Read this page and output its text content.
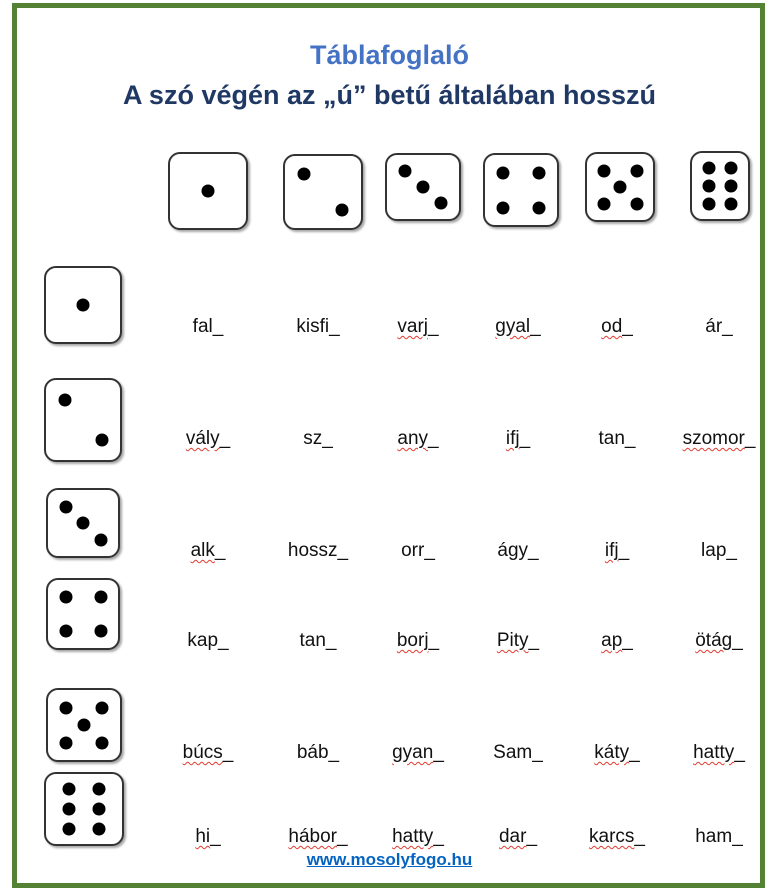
Táblafoglaló
A szó végén az „ú” betű általában hosszú
fal_	kisfi_	varj_	gyal_	od_	ár_
vály_	sz_	any_	ifj_	tan_	szomor_
alk_	hossz_	orr_	ágy_	ifj_	lap_
kap_	tan_	borj_	Pity_	ap_	ötág_
búcs_	báb_	gyan_	Sam_	káty_	hatty_
hi_	hábor_	hatty_	dar_	karcs_	ham_
www.mosolyfogo.hu
